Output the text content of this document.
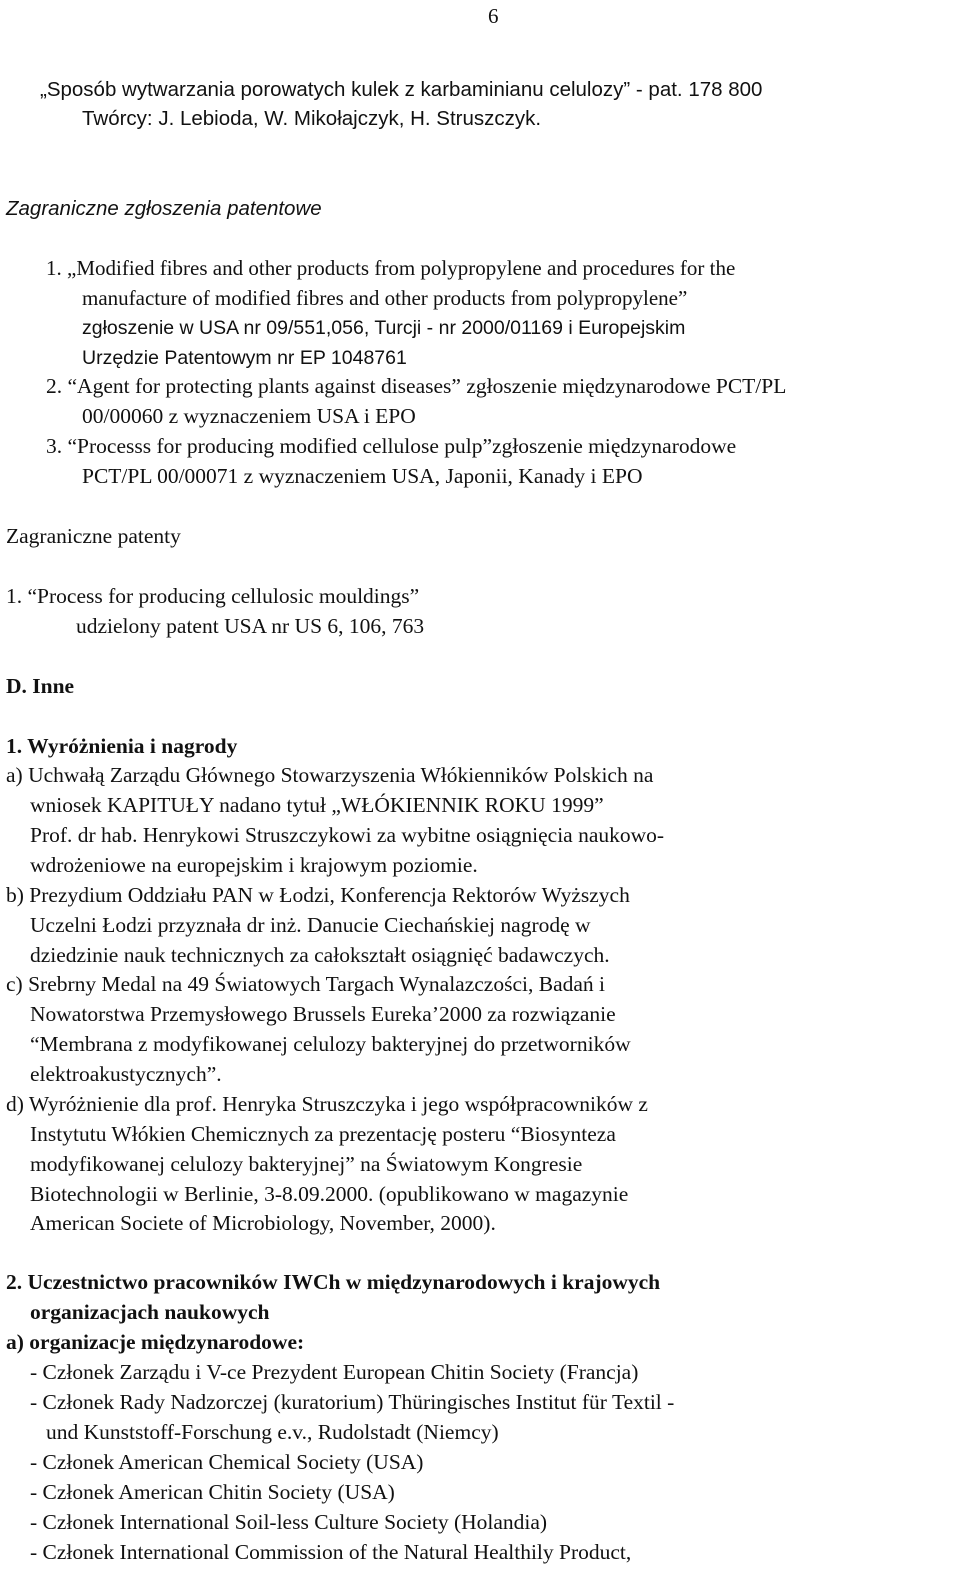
6
„Sposób wytwarzania porowatych kulek z karbaminianu celulozy” - pat. 178 800
Twórcy: J. Lebioda, W. Mikołajczyk, H. Struszczyk.
Zagraniczne zgłoszenia patentowe
1. „Modified fibres and other products from polypropylene and procedures for the
manufacture of modified fibres and other products from polypropylene”
zgłoszenie w USA nr 09/551,056, Turcji - nr 2000/01169 i Europejskim
Urzędzie Patentowym nr EP 1048761
2. “Agent for protecting plants against diseases” zgłoszenie międzynarodowe PCT/PL
00/00060 z wyznaczeniem USA i EPO
3. “Processs for producing modified cellulose pulp”zgłoszenie międzynarodowe
PCT/PL 00/00071 z wyznaczeniem USA, Japonii, Kanady i EPO
Zagraniczne patenty
1. “Process for producing cellulosic mouldings”
udzielony patent USA nr US 6, 106, 763
D. Inne
1. Wyróżnienia i nagrody
a) Uchwałą Zarządu Głównego Stowarzyszenia Włókienników Polskich na
wniosek KAPITUŁY nadano tytuł „WŁÓKIENNIK ROKU 1999”
Prof. dr hab. Henrykowi Struszczykowi za wybitne osiągnięcia naukowo-
wdrożeniowe na europejskim i krajowym poziomie.
b) Prezydium Oddziału PAN w Łodzi, Konferencja Rektorów Wyższych
Uczelni Łodzi przyznała dr inż. Danucie Ciechańskiej nagrodę w
dziedzinie nauk technicznych za całokształt osiągnięć badawczych.
c) Srebrny Medal na 49 Światowych Targach Wynalazczości, Badań i
Nowatorstwa Przemysłowego Brussels Eureka’2000 za rozwiązanie
“Membrana z modyfikowanej celulozy bakteryjnej do przetworników
elektroakustycznych”.
d) Wyróżnienie dla prof. Henryka Struszczyka i jego współpracowników z
Instytutu Włókien Chemicznych za prezentację posteru “Biosynteza
modyfikowanej celulozy bakteryjnej” na Światowym Kongresie
Biotechnologii w Berlinie, 3-8.09.2000. (opublikowano w magazynie
American Societe of Microbiology, November, 2000).
2. Uczestnictwo pracowników IWCh w międzynarodowych i krajowych
organizacjach naukowych
a) organizacje międzynarodowe:
- Członek Zarządu i V-ce Prezydent European Chitin Society (Francja)
- Członek Rady Nadzorczej (kuratorium) Thüringisches Institut für Textil -
und Kunststoff-Forschung e.v., Rudolstadt (Niemcy)
- Członek American Chemical Society (USA)
- Członek American Chitin Society (USA)
- Członek International Soil-less Culture Society (Holandia)
- Członek International Commission of the Natural Healthily Product,
